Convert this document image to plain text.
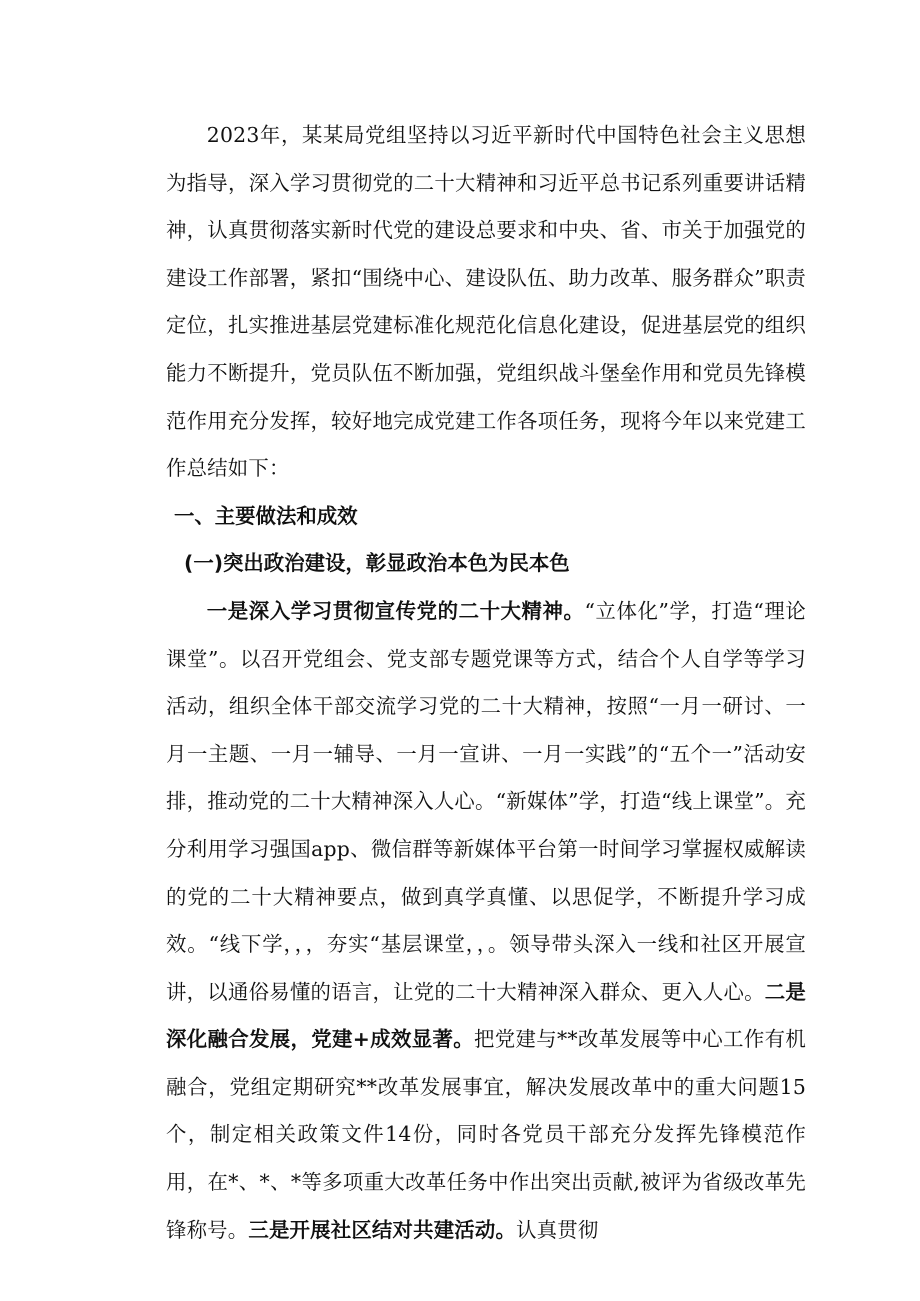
2023年，某某局党组坚持以习近平新时代中国特色社会主义思想为指导，深入学习贯彻党的二十大精神和习近平总书记系列重要讲话精神，认真贯彻落实新时代党的建设总要求和中央、省、市关于加强党的建设工作部署，紧扣“围绕中心、建设队伍、助力改革、服务群众”职责定位，扎实推进基层党建标准化规范化信息化建设，促进基层党的组织能力不断提升，党员队伍不断加强，党组织战斗堡垒作用和党员先锋模范作用充分发挥，较好地完成党建工作各项任务，现将今年以来党建工作总结如下：

一、主要做法和成效

(一)突出政治建设，彰显政治本色为民本色

一是深入学习贯彻宣传党的二十大精神。“立体化”学，打造“理论课堂”。以召开党组会、党支部专题党课等方式，结合个人自学等学习活动，组织全体干部交流学习党的二十大精神，按照“一月一研讨、一月一主题、一月一辅导、一月一宣讲、一月一实践”的“五个一”活动安排，推动党的二十大精神深入人心。“新媒体”学，打造“线上课堂”。充分利用学习强国app、微信群等新媒体平台第一时间学习掌握权威解读的党的二十大精神要点，做到真学真懂、以思促学，不断提升学习成效。“线下学，，，夯实“基层课堂，，。领导带头深入一线和社区开展宣讲，以通俗易懂的语言，让党的二十大精神深入群众、更入人心。二是深化融合发展，党建+成效显著。把党建与**改革发展等中心工作有机融合，党组定期研究**改革发展事宜，解决发展改革中的重大问题15个，制定相关政策文件14份，同时各党员干部充分发挥先锋模范作用，在*、*、*等多项重大改革任务中作出突出贡献,被评为省级改革先锋称号。三是开展社区结对共建活动。认真贯彻
